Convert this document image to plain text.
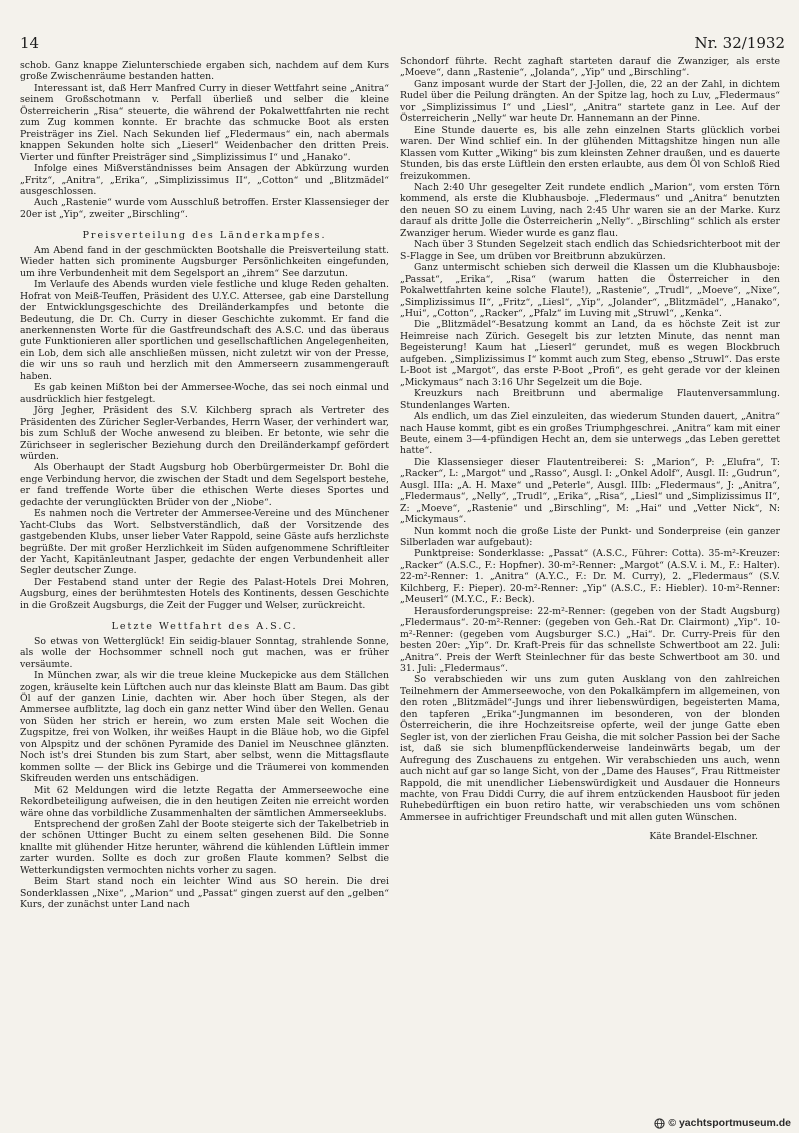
14	Nr. 32/1932

schob. Ganz knappe Zielunterschiede ergaben sich, nachdem auf dem Kurs große Zwischenräume bestanden hatten.

Interessant ist, daß Herr Manfred Curry in dieser Wettfahrt seine „Anitra“ seinem Großschotmann v. Perfall überließ und selber die kleine Österreicherin „Risa“ steuerte, die während der Pokalwettfahrten nie recht zum Zug kommen konnte. Er brachte das schmucke Boot als ersten Preisträger ins Ziel. Nach Sekunden lief „Fledermaus“ ein, nach abermals knappen Sekunden holte sich „Lieserl“ Weidenbacher den dritten Preis. Vierter und fünfter Preisträger sind „Simplizissimus I“ und „Hanako“.

Infolge eines Mißverständnisses beim Ansagen der Abkürzung wurden „Fritz“, „Anitra“, „Erika“, „Simplizissimus II“, „Cotton“ und „Blitzmädel“ ausgeschlossen.

Auch „Rastenie“ wurde vom Ausschluß betroffen. Erster Klassensieger der 20er ist „Yip“, zweiter „Birschling“.

Preisverteilung des Länderkampfes.

Am Abend fand in der geschmückten Bootshalle die Preisverteilung statt. Wieder hatten sich prominente Augsburger Persönlichkeiten eingefunden, um ihre Verbundenheit mit dem Segelsport an „ihrem“ See darzutun.

Im Verlaufe des Abends wurden viele festliche und kluge Reden gehalten. Hofrat von Meiß-Teuffen, Präsident des U.Y.C. Attersee, gab eine Darstellung der Entwicklungsgeschichte des Dreiländerkampfes und betonte die Bedeutung, die Dr. Ch. Curry in dieser Geschichte zukommt. Er fand die anerkennensten Worte für die Gastfreundschaft des A.S.C. und das überaus gute Funktionieren aller sportlichen und gesellschaftlichen Angelegenheiten, ein Lob, dem sich alle anschließen müssen, nicht zuletzt wir von der Presse, die wir uns so rauh und herzlich mit den Ammerseern zusammengerauft haben.

Es gab keinen Mißton bei der Ammersee-Woche, das sei noch einmal und ausdrücklich hier festgelegt.

Jörg Jegher, Präsident des S.V. Kilchberg sprach als Vertreter des Präsidenten des Züricher Segler-Verbandes, Herrn Waser, der verhindert war, bis zum Schluß der Woche anwesend zu bleiben. Er betonte, wie sehr die Zürichseer in seglerischer Beziehung durch den Dreiländerkampf gefördert würden.

Als Oberhaupt der Stadt Augsburg hob Oberbürgermeister Dr. Bohl die enge Verbindung hervor, die zwischen der Stadt und dem Segelsport bestehe, er fand treffende Worte über die ethischen Werte dieses Sportes und gedachte der verunglückten Brüder von der „Niobe“.

Es nahmen noch die Vertreter der Ammersee-Vereine und des Münchener Yacht-Clubs das Wort. Selbstverständlich, daß der Vorsitzende des gastgebenden Klubs, unser lieber Vater Rappold, seine Gäste aufs herzlichste begrüßte. Der mit großer Herzlichkeit im Süden aufgenommene Schriftleiter der Yacht, Kapitänleutnant Jasper, gedachte der engen Verbundenheit aller Segler deutscher Zunge.

Der Festabend stand unter der Regie des Palast-Hotels Drei Mohren, Augsburg, eines der berühmtesten Hotels des Kontinents, dessen Geschichte in die Großzeit Augsburgs, die Zeit der Fugger und Welser, zurückreicht.

Letzte Wettfahrt des A.S.C.

So etwas von Wetterglück! Ein seidig-blauer Sonntag, strahlende Sonne, als wolle der Hochsommer schnell noch gut machen, was er früher versäumte.

In München zwar, als wir die treue kleine Muckepicke aus dem Ställchen zogen, kräuselte kein Lüftchen auch nur das kleinste Blatt am Baum. Das gibt Öl auf der ganzen Linie, dachten wir. Aber hoch über Stegen, als der Ammersee aufblitzte, lag doch ein ganz netter Wind über den Wellen. Genau von Süden her strich er herein, wo zum ersten Male seit Wochen die Zugspitze, frei von Wolken, ihr weißes Haupt in die Bläue hob, wo die Gipfel von Alpspitz und der schönen Pyramide des Daniel im Neuschnee glänzten. Noch ist's drei Stunden bis zum Start, aber selbst, wenn die Mittagsflaute kommen sollte — der Blick ins Gebirge und die Träumerei von kommenden Skifreuden werden uns entschädigen.

Mit 62 Meldungen wird die letzte Regatta der Ammerseewoche eine Rekordbeteiligung aufweisen, die in den heutigen Zeiten nie erreicht worden wäre ohne das vorbildliche Zusammenhalten der sämtlichen Ammerseeklubs.

Entsprechend der großen Zahl der Boote steigerte sich der Takelbetrieb in der schönen Uttinger Bucht zu einem selten gesehenen Bild. Die Sonne knallte mit glühender Hitze herunter, während die kühlenden Lüftlein immer zarter wurden. Sollte es doch zur großen Flaute kommen? Selbst die Wetterkundigsten vermochten nichts vorher zu sagen.

Beim Start stand noch ein leichter Wind aus SO herein. Die drei Sonderklassen „Nixe“, „Marion“ und „Passat“ gingen zuerst auf den „gelben“ Kurs, der zunächst unter Land nach

Schondorf führte. Recht zaghaft starteten darauf die Zwanziger, als erste „Moeve“, dann „Rastenie“, „Jolanda“, „Yip“ und „Birschling“.

Ganz imposant wurde der Start der J-Jollen, die, 22 an der Zahl, in dichtem Rudel über die Peilung drängten. An der Spitze lag, hoch zu Luv, „Fledermaus“ vor „Simplizissimus I“ und „Liesl“, „Anitra“ startete ganz in Lee. Auf der Österreicherin „Nelly“ war heute Dr. Hannemann an der Pinne.

Eine Stunde dauerte es, bis alle zehn einzelnen Starts glücklich vorbei waren. Der Wind schlief ein. In der glühenden Mittagshitze hingen nun alle Klassen vom Kutter „Wiking“ bis zum kleinsten Zehner draußen, und es dauerte Stunden, bis das erste Lüftlein den ersten erlaubte, aus dem Öl von Schloß Ried freizukommen.

Nach 2:40 Uhr gesegelter Zeit rundete endlich „Marion“, vom ersten Törn kommend, als erste die Klubhausboje. „Fledermaus“ und „Anitra“ benutzten den neuen SO zu einem Luving, nach 2:45 Uhr waren sie an der Marke. Kurz darauf als dritte Jolle die Österreicherin „Nelly“. „Birschling“ schlich als erster Zwanziger herum. Wieder wurde es ganz flau.

Nach über 3 Stunden Segelzeit stach endlich das Schiedsrichterboot mit der S-Flagge in See, um drüben vor Breitbrunn abzukürzen.

Ganz untermischt schieben sich derweil die Klassen um die Klubhausboje: „Passat“, „Erika“, „Risa“ (warum hatten die Österreicher in den Pokalwettfahrten keine solche Flaute!), „Rastenie“, „Trudl“, „Moeve“, „Nixe“, „Simplizissimus II“, „Fritz“, „Liesl“, „Yip“, „Jolander“, „Blitzmädel“, „Hanako“, „Hui“, „Cotton“, „Racker“, „Pfalz“ im Luving mit „Struwl“, „Kenka“.

Die „Blitzmädel“-Besatzung kommt an Land, da es höchste Zeit ist zur Heimreise nach Zürich. Gesegelt bis zur letzten Minute, das nennt man Begeisterung! Kaum hat „Lieserl“ gerundet, muß es wegen Blockbruch aufgeben. „Simplizissimus I“ kommt auch zum Steg, ebenso „Struwl“. Das erste L-Boot ist „Margot“, das erste P-Boot „Profi“, es geht gerade vor der kleinen „Mickymaus“ nach 3:16 Uhr Segelzeit um die Boje.

Kreuzkurs nach Breitbrunn und abermalige Flautenversammlung. Stundenlanges Warten.

Als endlich, um das Ziel einzuleiten, das wiederum Stunden dauert, „Anitra“ nach Hause kommt, gibt es ein großes Triumphgeschrei. „Anitra“ kam mit einer Beute, einem 3—4-pfündigen Hecht an, dem sie unterwegs „das Leben gerettet hatte“.

Die Klassensieger dieser Flautentreiberei: S: „Marion“, P: „Elufra“, T: „Racker“, L: „Margot“ und „Rasso“, Ausgl. I: „Onkel Adolf“, Ausgl. II: „Gudrun“, Ausgl. IIIa: „A. H. Maxe“ und „Peterle“, Ausgl. IIIb: „Fledermaus“, J: „Anitra“, „Fledermaus“, „Nelly“, „Trudl“, „Erika“, „Risa“, „Liesl“ und „Simplizissimus II“, Z: „Moeve“, „Rastenie“ und „Birschling“, M: „Hai“ und „Vetter Nick“, N: „Mickymaus“.

Nun kommt noch die große Liste der Punkt- und Sonderpreise (ein ganzer Silberladen war aufgebaut):

Punktpreise: Sonderklasse: „Passat“ (A.S.C., Führer: Cotta). 35-m²-Kreuzer: „Racker“ (A.S.C., F.: Hopfner). 30-m²-Renner: „Margot“ (A.S.V. i. M., F.: Halter). 22-m²-Renner: 1. „Anitra“ (A.Y.C., F.: Dr. M. Curry), 2. „Fledermaus“ (S.V. Kilchberg, F.: Pieper). 20-m²-Renner: „Yip“ (A.S.C., F.: Hiebler). 10-m²-Renner: „Meuserl“ (M.Y.C., F.: Beck).

Herausforderungspreise: 22-m²-Renner: (gegeben von der Stadt Augsburg) „Fledermaus“. 20-m²-Renner: (gegeben von Geh.-Rat Dr. Clairmont) „Yip“. 10-m²-Renner: (gegeben vom Augsburger S.C.) „Hai“. Dr. Curry-Preis für den besten 20er: „Yip“. Dr. Kraft-Preis für das schnellste Schwertboot am 22. Juli: „Anitra“. Preis der Werft Steinlechner für das beste Schwertboot am 30. und 31. Juli: „Fledermaus“.

So verabschieden wir uns zum guten Ausklang von den zahlreichen Teilnehmern der Ammerseewoche, von den Pokalkämpfern im allgemeinen, von den roten „Blitzmädel“-Jungs und ihrer liebenswürdigen, begeisterten Mama, den tapferen „Erika“-Jungmannen im besonderen, von der blonden Österreicherin, die ihre Hochzeitsreise opferte, weil der junge Gatte eben Segler ist, von der zierlichen Frau Geisha, die mit solcher Passion bei der Sache ist, daß sie sich blumenpflückenderweise landeinwärts begab, um der Aufregung des Zuschauens zu entgehen. Wir verabschieden uns auch, wenn auch nicht auf gar so lange Sicht, von der „Dame des Hauses“, Frau Rittmeister Rappold, die mit unendlicher Liebenswürdigkeit und Ausdauer die Honneurs machte, von Frau Diddi Curry, die auf ihrem entzückenden Hausboot für jeden Ruhebedürftigen ein buon retiro hatte, wir verabschieden uns vom schönen Ammersee in aufrichtiger Freundschaft und mit allen guten Wünschen.

Käte Brandel-Elschner.
© yachtsportmuseum.de
